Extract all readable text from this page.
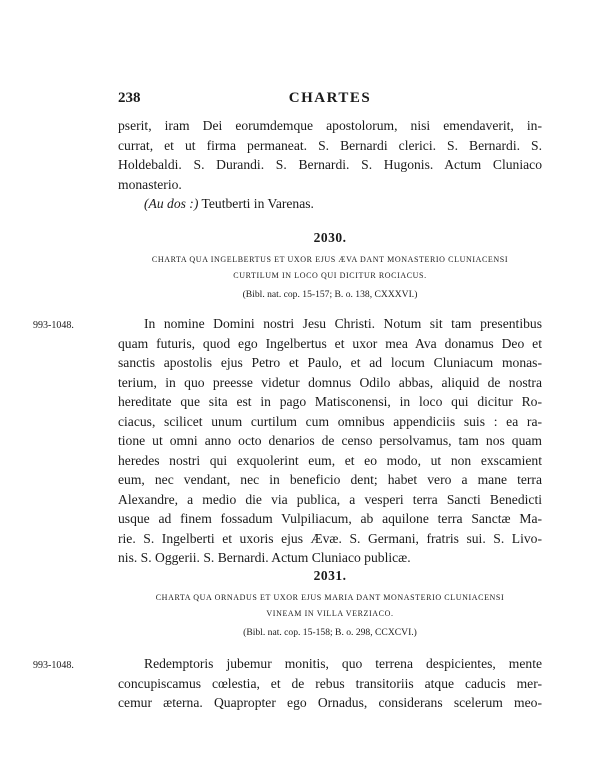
238	CHARTES
pserit, iram Dei eorumdemque apostolorum, nisi emendaverit, in-
currat, et ut firma permaneat. S. Bernardi clerici. S. Bernardi. S.
Holdebaldi. S. Durandi. S. Bernardi. S. Hugonis. Actum Cluniaco
monasterio.
(Au dos :) Teutberti in Varenas.
2030.
CHARTA QUA INGELBERTUS ET UXOR EJUS ÆVA DANT MONASTERIO CLUNIACENSI
CURTILUM IN LOCO QUI DICITUR ROCIACUS.
(Bibl. nat. cop. 15-157; B. o. 138, CXXXVI.)
993-1048.	In nomine Domini nostri Jesu Christi. Notum sit tam presentibus
quam futuris, quod ego Ingelbertus et uxor mea Ava donamus Deo et
sanctis apostolis ejus Petro et Paulo, et ad locum Cluniacum monas-
terium, in quo preesse videtur domnus Odilo abbas, aliquid de nostra
hereditate que sita est in pago Matisconensi, in loco qui dicitur Ro-
ciacus, scilicet unum curtilum cum omnibus appendiciis suis : ea ra-
tione ut omni anno octo denarios de censo persolvamus, tam nos quam
heredes nostri qui exquolerint eum, et eo modo, ut non exscamient
eum, nec vendant, nec in beneficio dent; habet vero a mane terra
Alexandre, a medio die via publica, a vesperi terra Sancti Benedicti
usque ad finem fossadum Vulpiliacum, ab aquilone terra Sanctæ Ma-
rie. S. Ingelberti et uxoris ejus Ævæ. S. Germani, fratris sui. S. Livo-
nis. S. Oggerii. S. Bernardi. Actum Cluniaco publicæ.
2031.
CHARTA QUA ORNADUS ET UXOR EJUS MARIA DANT MONASTERIO CLUNIACENSI
VINEAM IN VILLA VERZIACO.
(Bibl. nat. cop. 15-158; B. o. 298, CCXCVI.)
993-1048.	Redemptoris jubemur monitis, quo terrena despicientes, mente
concupiscamus cœlestia, et de rebus transitoriis atque caducis mer-
cemur æterna. Quapropter ego Ornadus, considerans scelerum meo-
